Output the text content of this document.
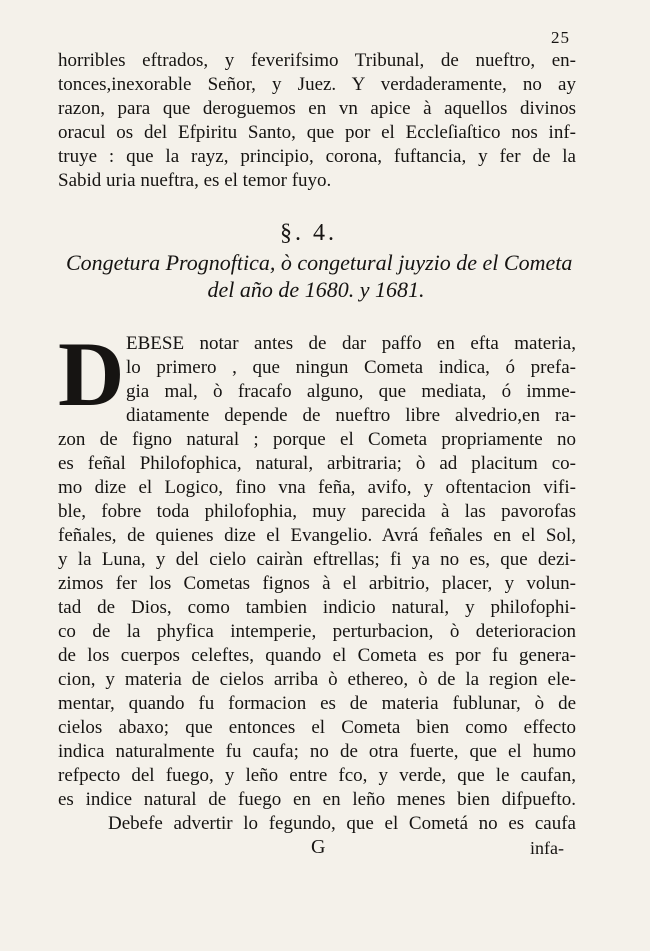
25
horribles eftrados, y feverifsimo Tribunal, de nueftro, en-
tonces,inexorable Señor, y Juez. Y verdaderamente, no ay
razon, para que deroguemos en vn apice à aquellos divinos
oracul os del Efpiritu Santo, que por el Eccleſiaſtico nos inf-
truye : que la rayz, principio, corona, fuftancia, y fer de la
Sabid uria nueftra, es el temor fuyo.
§. 4.
Congetura Prognoftica, ò congetural juyzio de el Cometa
del año de 1680. y 1681.
D EBESE notar antes de dar paffo en efta materia,
lo primero , que ningun Cometa indica, ó prefa-
gia mal, ò fracafo alguno, que mediata, ó imme-
diatamente depende de nueftro libre alvedrio,en ra-
zon de figno natural ; porque el Cometa propriamente no
es feñal Philofophica, natural, arbitraria; ò ad placitum co-
mo dize el Logico, fino vna feña, avifo, y oftentacion vifi-
ble, fobre toda philofophia, muy parecida à las pavorofas
feñales, de quienes dize el Evangelio. Avrá feñales en el Sol,
y la Luna, y del cielo cairàn eftrellas; fi ya no es, que dezi-
zimos fer los Cometas fignos à el arbitrio, placer, y volun-
tad de Dios, como tambien indicio natural, y philofophi-
co de la phyfica intemperie, perturbacion, ò deterioracion
de los cuerpos celeftes, quando el Cometa es por fu genera-
cion, y materia de cielos arriba ò ethereo, ò de la region ele-
mentar, quando fu formacion es de materia fublunar, ò de
cielos abaxo; que entonces el Cometa bien como effecto
indica naturalmente fu caufa; no de otra fuerte, que el humo
refpecto del fuego, y leño entre fco, y verde, que le caufan,
es indice natural de fuego en en leño menes bien difpuefto.
Debefe advertir lo fegundo, que el Cometá no es caufa
G	infa-
